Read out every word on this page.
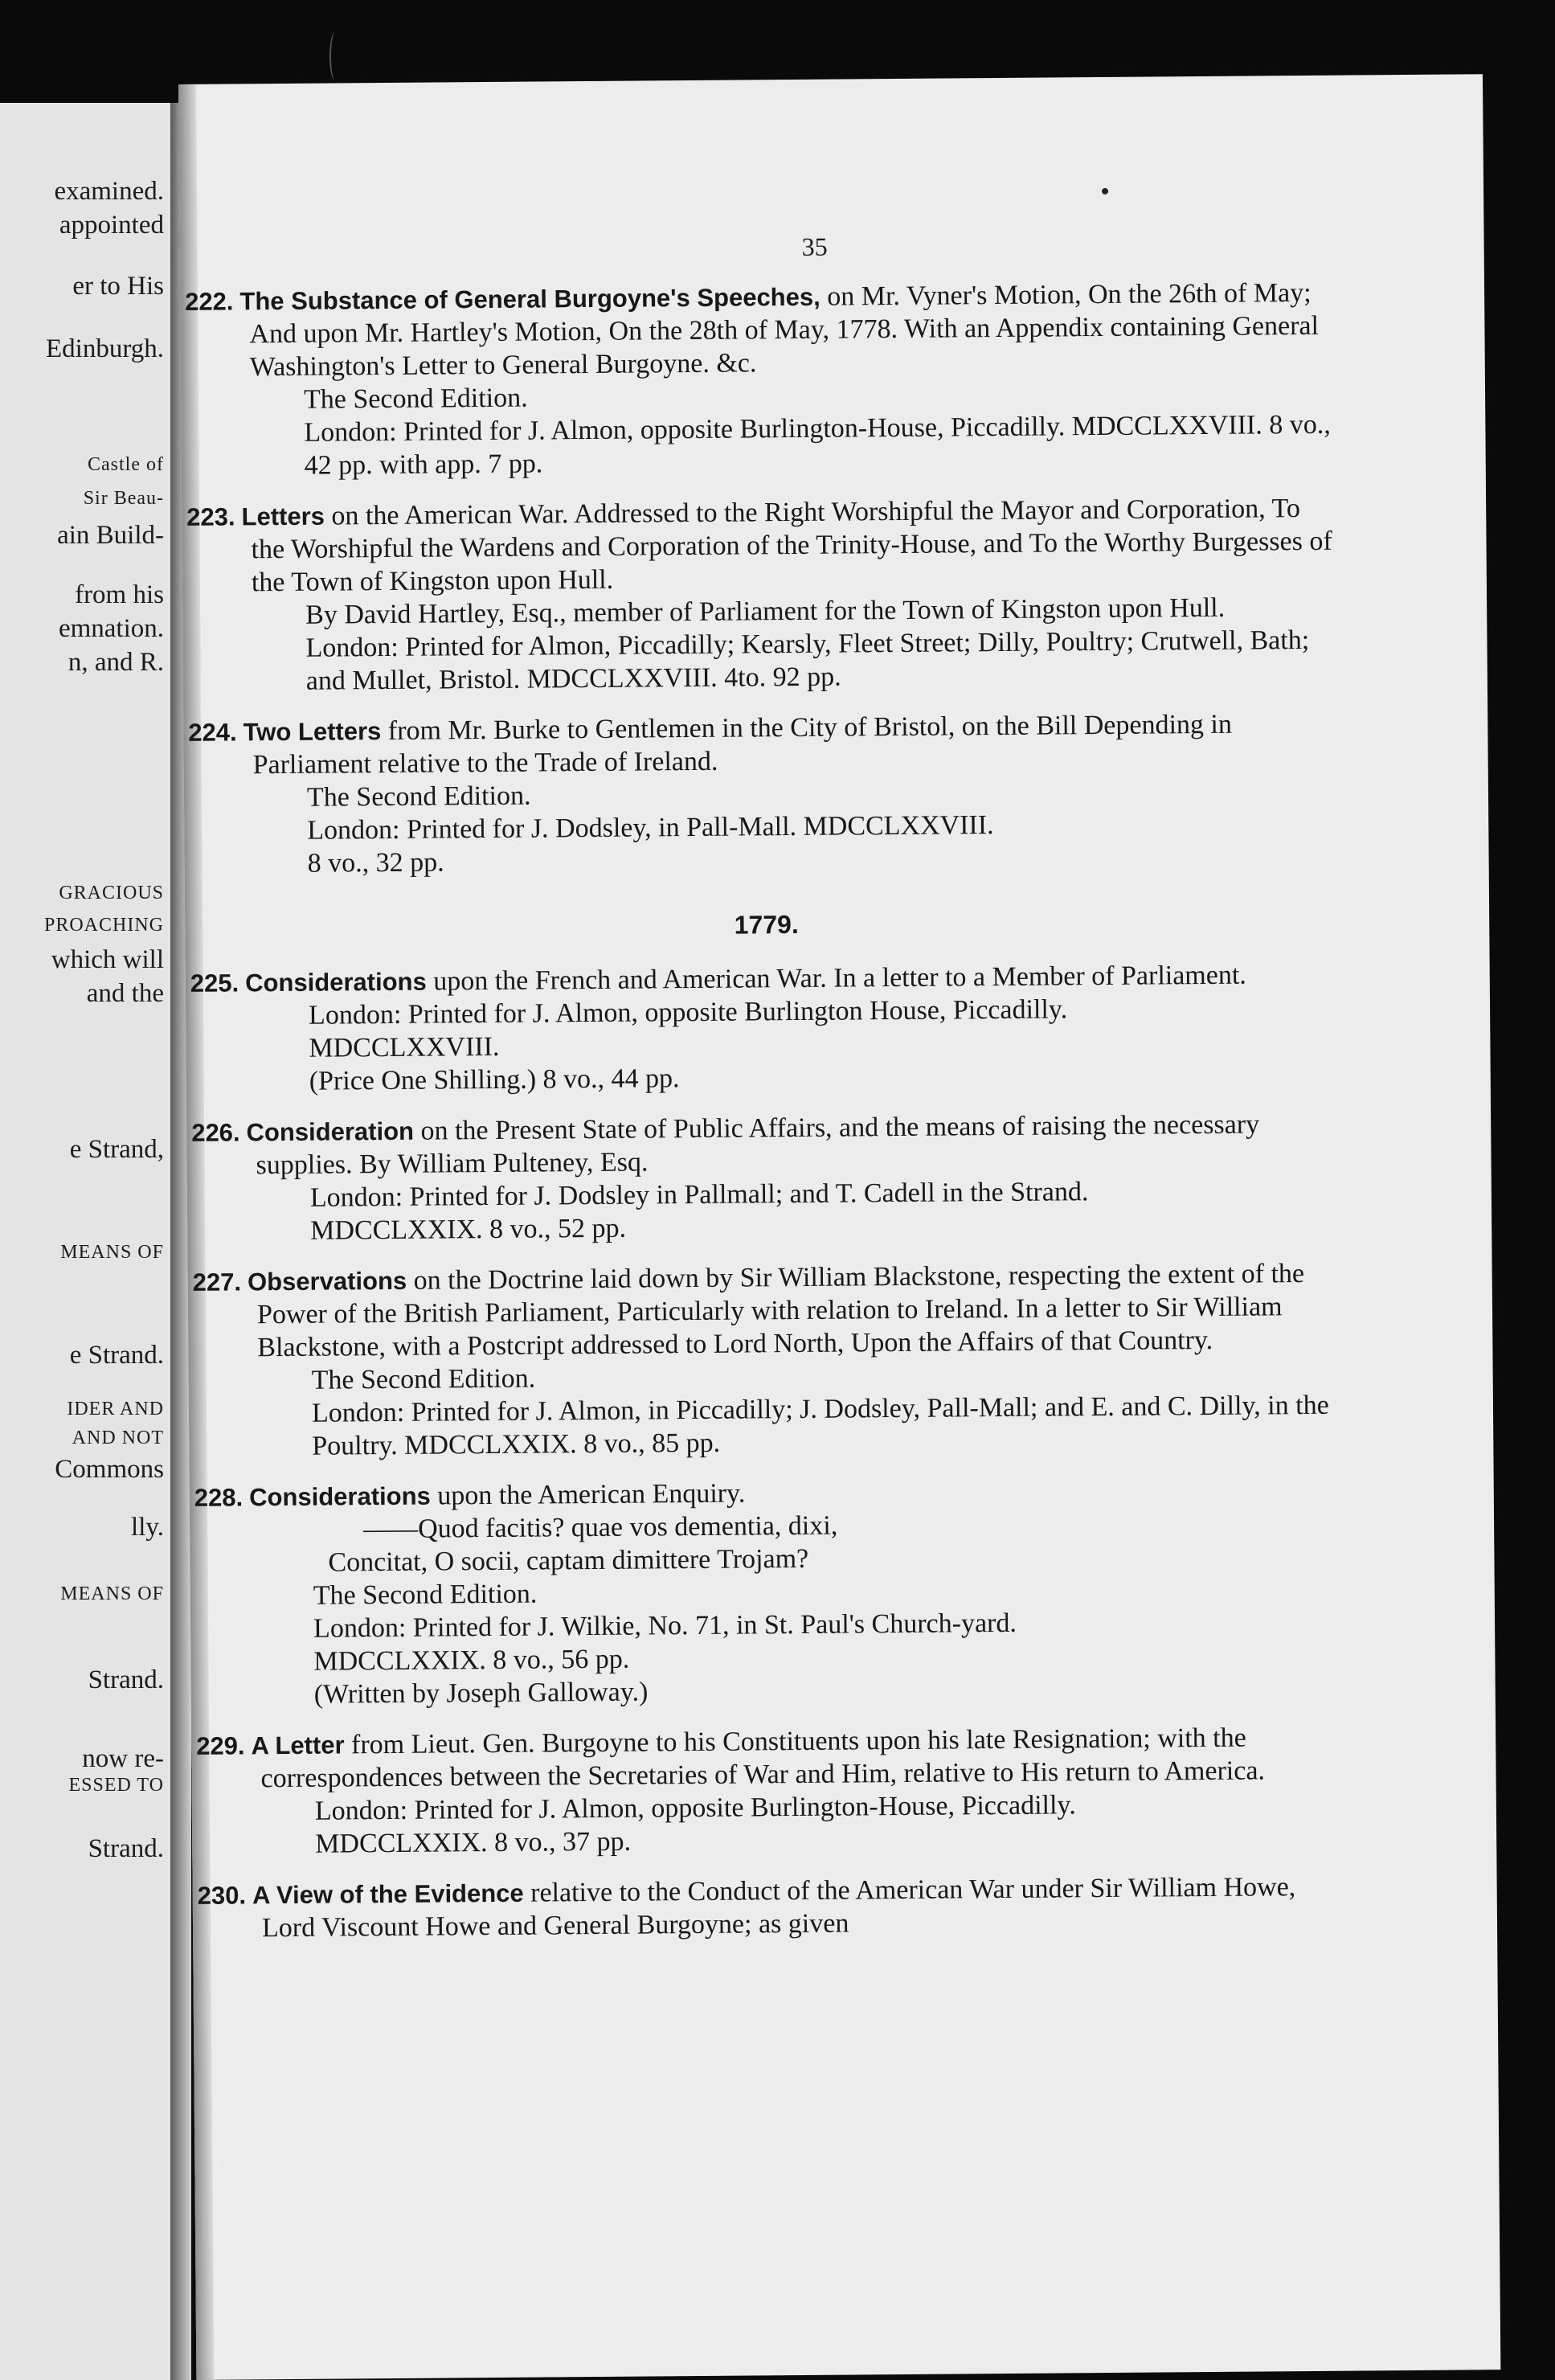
examined.
appointed
er to His
Edinburgh.
Castle of
Sir Beau-
ain Build-
from his
emnation.
n, and R.
GRACIOUS
PROACHING
which will
and the
e Strand,
MEANS OF
e Strand.
IDER AND
AND NOT
Commons
lly.
MEANS OF
Strand.
now re-
ESSED TO
Strand.
35

222. The Substance of General Burgoyne's Speeches, on Mr. Vyner's Motion, On the 26th of May; And upon Mr. Hartley's Motion, On the 28th of May, 1778. With an Appendix containing General Washington's Letter to General Burgoyne. &c.

The Second Edition.

London: Printed for J. Almon, opposite Burlington-House, Piccadilly. MDCCLXXVIII. 8 vo., 42 pp. with app. 7 pp.

223. Letters on the American War. Addressed to the Right Worshipful the Mayor and Corporation, To the Worshipful the Wardens and Corporation of the Trinity-House, and To the Worthy Burgesses of the Town of Kingston upon Hull.

By David Hartley, Esq., member of Parliament for the Town of Kingston upon Hull.

London: Printed for Almon, Piccadilly; Kearsly, Fleet Street; Dilly, Poultry; Crutwell, Bath; and Mullet, Bristol. MDCCLXXVIII. 4to. 92 pp.

224. Two Letters from Mr. Burke to Gentlemen in the City of Bristol, on the Bill Depending in Parliament relative to the Trade of Ireland.

The Second Edition.

London: Printed for J. Dodsley, in Pall-Mall. MDCCLXXVIII.

8 vo., 32 pp.

1779.

225. Considerations upon the French and American War. In a letter to a Member of Parliament.

London: Printed for J. Almon, opposite Burlington House, Piccadilly.

MDCCLXXVIII.

(Price One Shilling.) 8 vo., 44 pp.

226. Consideration on the Present State of Public Affairs, and the means of raising the necessary supplies. By William Pulteney, Esq.

London: Printed for J. Dodsley in Pallmall; and T. Cadell in the Strand.

MDCCLXXIX. 8 vo., 52 pp.

227. Observations on the Doctrine laid down by Sir William Blackstone, respecting the extent of the Power of the British Parliament, Particularly with relation to Ireland. In a letter to Sir William Blackstone, with a Postcript addressed to Lord North, Upon the Affairs of that Country.

The Second Edition.

London: Printed for J. Almon, in Piccadilly; J. Dodsley, Pall-Mall; and E. and C. Dilly, in the Poultry. MDCCLXXIX. 8 vo., 85 pp.

228. Considerations upon the American Enquiry.

——Quod facitis? quae vos dementia, dixi,

Concitat, O socii, captam dimittere Trojam?

The Second Edition.

London: Printed for J. Wilkie, No. 71, in St. Paul's Church-yard.

MDCCLXXIX. 8 vo., 56 pp.

(Written by Joseph Galloway.)

229. A Letter from Lieut. Gen. Burgoyne to his Constituents upon his late Resignation; with the correspondences between the Secretaries of War and Him, relative to His return to America.

London: Printed for J. Almon, opposite Burlington-House, Piccadilly.

MDCCLXXIX. 8 vo., 37 pp.

230. A View of the Evidence relative to the Conduct of the American War under Sir William Howe, Lord Viscount Howe and General Burgoyne; as given
